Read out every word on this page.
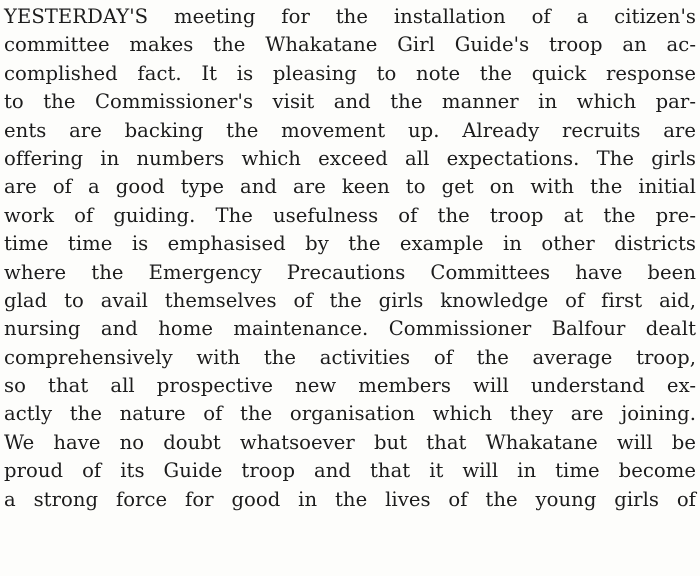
YESTERDAY'S meeting for the installation of a citizen's
committee makes the Whakatane Girl Guide's troop an ac-
complished fact. It is pleasing to note the quick response
to the Commissioner's visit and the manner in which par-
ents are backing the movement up. Already recruits are
offering in numbers which exceed all expectations. The girls
are of a good type and are keen to get on with the initial
work of guiding. The usefulness of the troop at the pre-
time time is emphasised by the example in other districts
where the Emergency Precautions Committees have been
glad to avail themselves of the girls knowledge of first aid,
nursing and home maintenance. Commissioner Balfour dealt
comprehensively with the activities of the average troop,
so that all prospective new members will understand ex-
actly the nature of the organisation which they are joining.
We have no doubt whatsoever but that Whakatane will be
proud of its Guide troop and that it will in time become
a strong force for good in the lives of the young girls of
